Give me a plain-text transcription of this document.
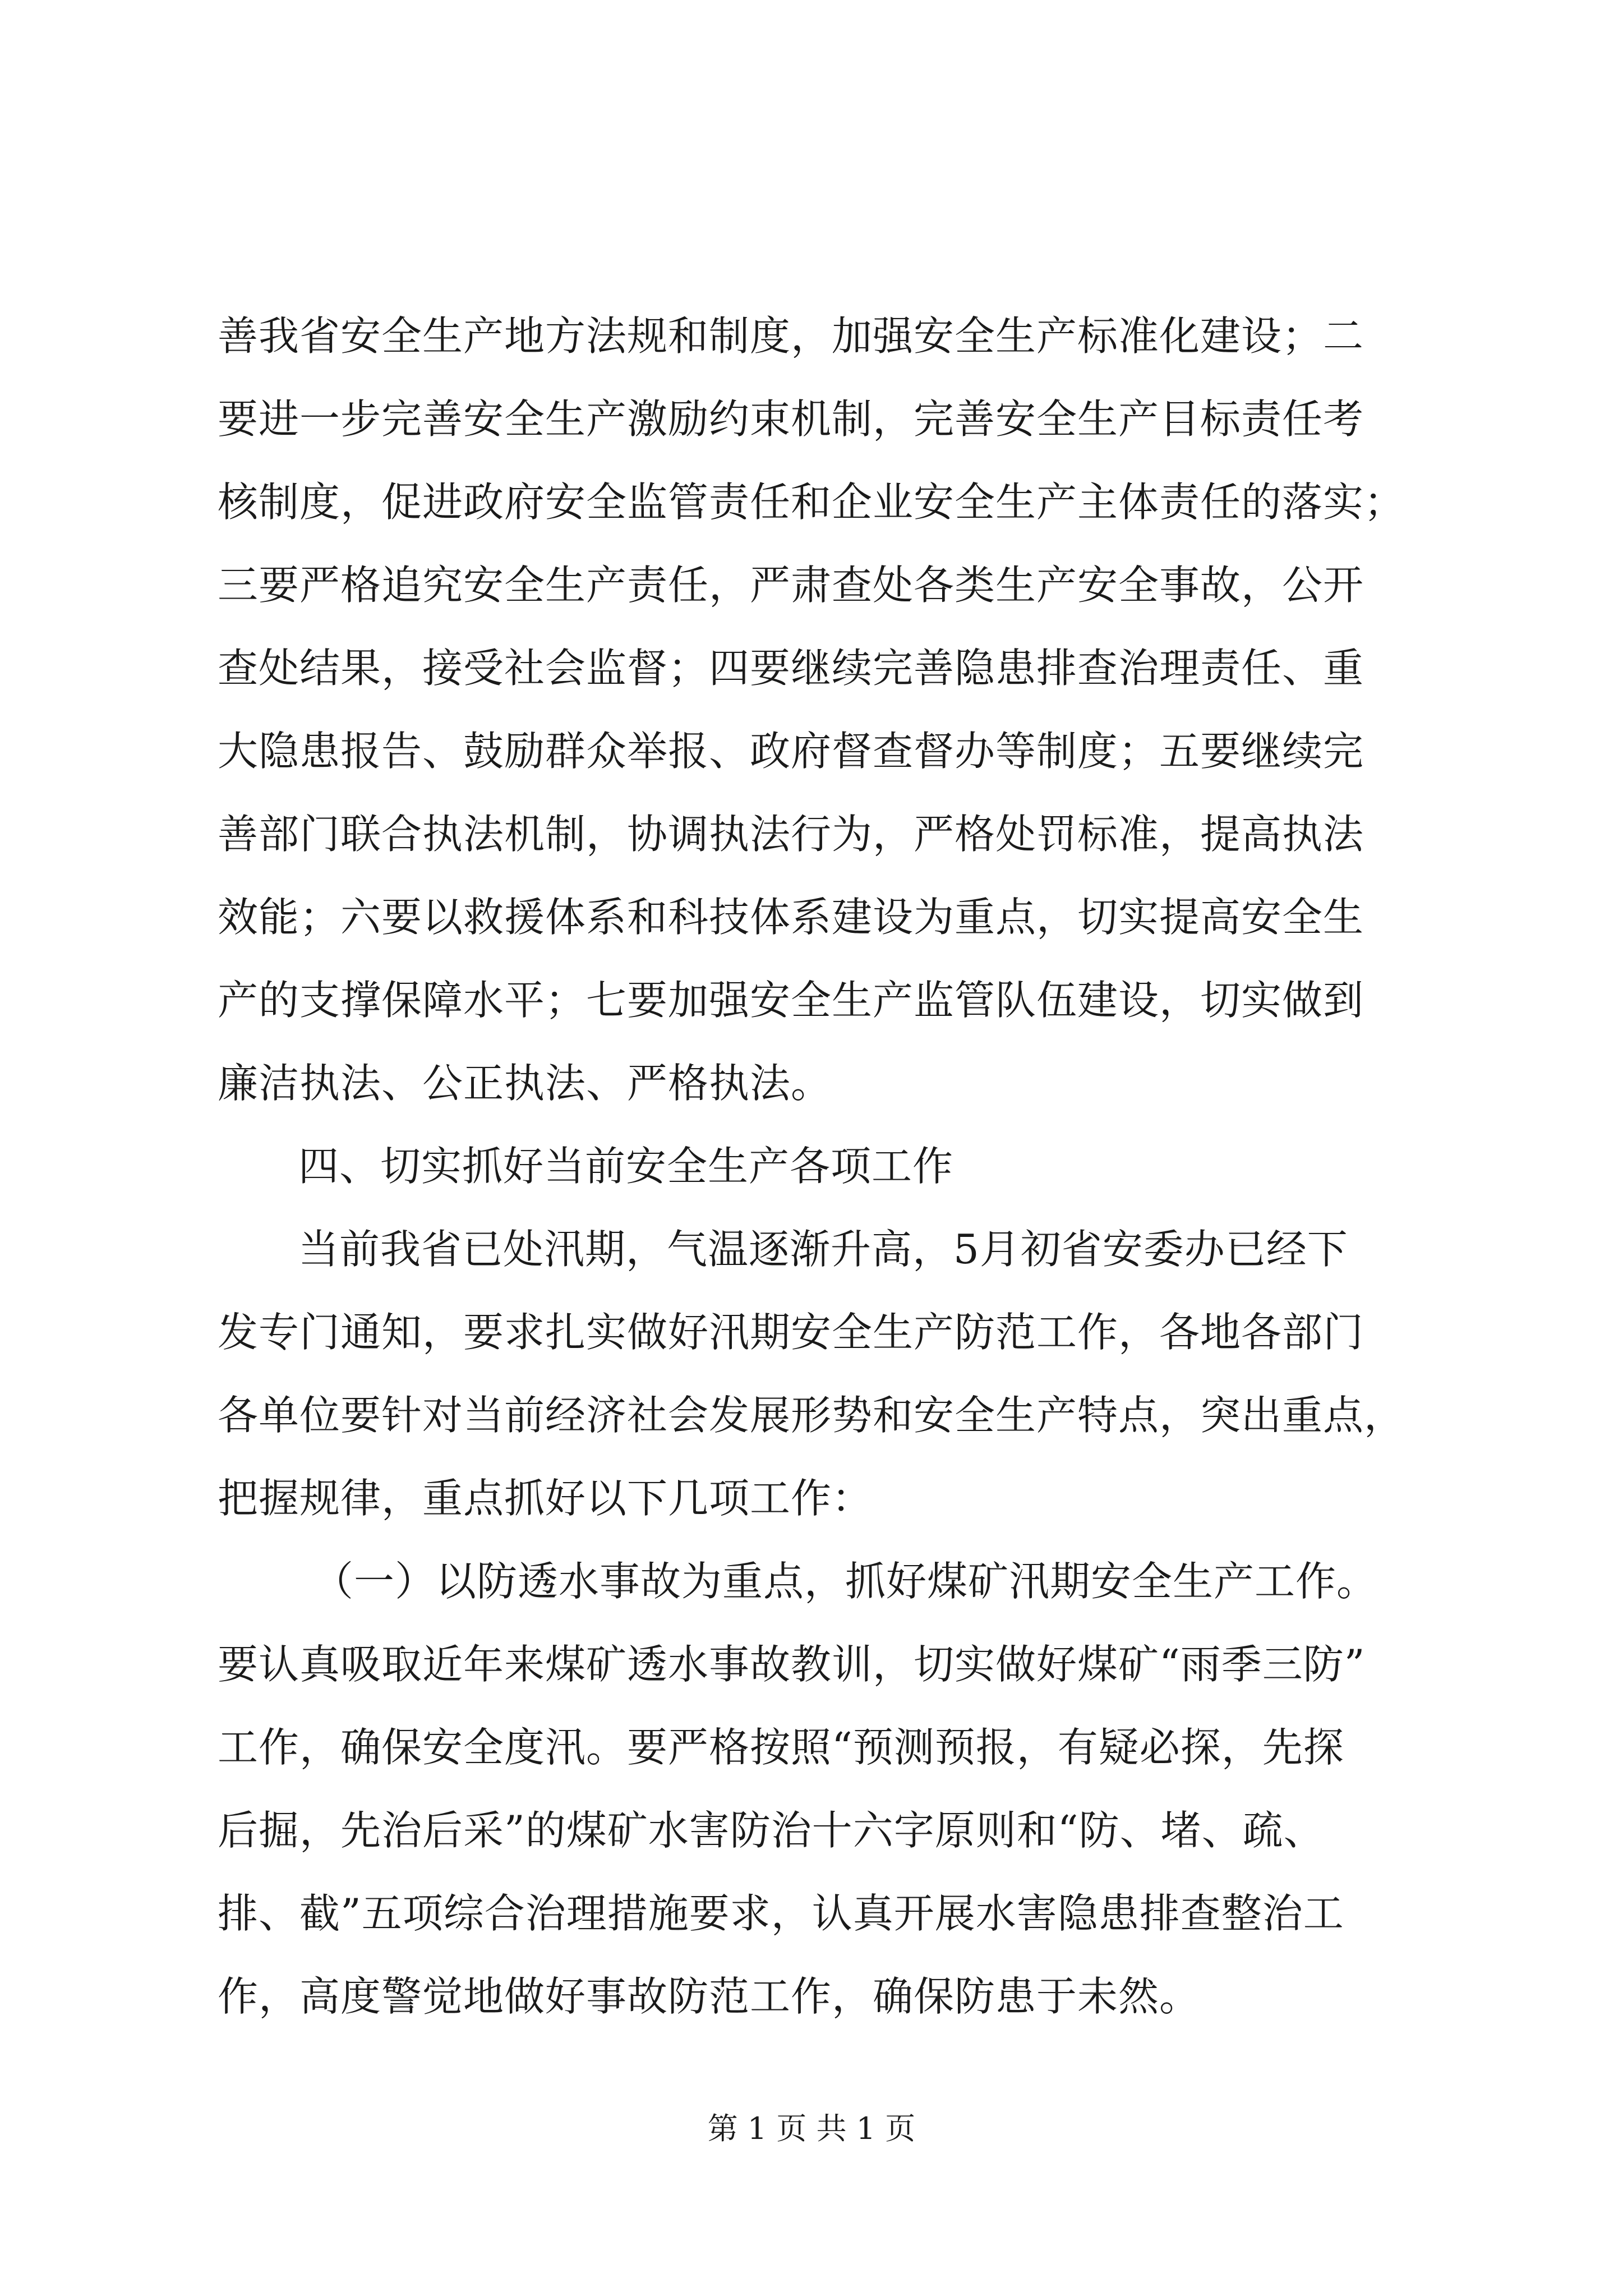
善我省安全生产地方法规和制度，加强安全生产标准化建设；二
要进一步完善安全生产激励约束机制，完善安全生产目标责任考
核制度，促进政府安全监管责任和企业安全生产主体责任的落实；
三要严格追究安全生产责任，严肃查处各类生产安全事故，公开
查处结果，接受社会监督；四要继续完善隐患排查治理责任、重
大隐患报告、鼓励群众举报、政府督查督办等制度；五要继续完
善部门联合执法机制，协调执法行为，严格处罚标准，提高执法
效能；六要以救援体系和科技体系建设为重点，切实提高安全生
产的支撑保障水平；七要加强安全生产监管队伍建设，切实做到
廉洁执法、公正执法、严格执法。
四、切实抓好当前安全生产各项工作
当前我省已处汛期，气温逐渐升高，5月初省安委办已经下
发专门通知，要求扎实做好汛期安全生产防范工作，各地各部门
各单位要针对当前经济社会发展形势和安全生产特点，突出重点，
把握规律，重点抓好以下几项工作：
（一）以防透水事故为重点，抓好煤矿汛期安全生产工作。
要认真吸取近年来煤矿透水事故教训，切实做好煤矿“雨季三防”
工作，确保安全度汛。要严格按照“预测预报，有疑必探，先探
后掘，先治后采”的煤矿水害防治十六字原则和“防、堵、疏、
排、截”五项综合治理措施要求，认真开展水害隐患排查整治工
作，高度警觉地做好事故防范工作，确保防患于未然。
第 1 页 共 1 页
